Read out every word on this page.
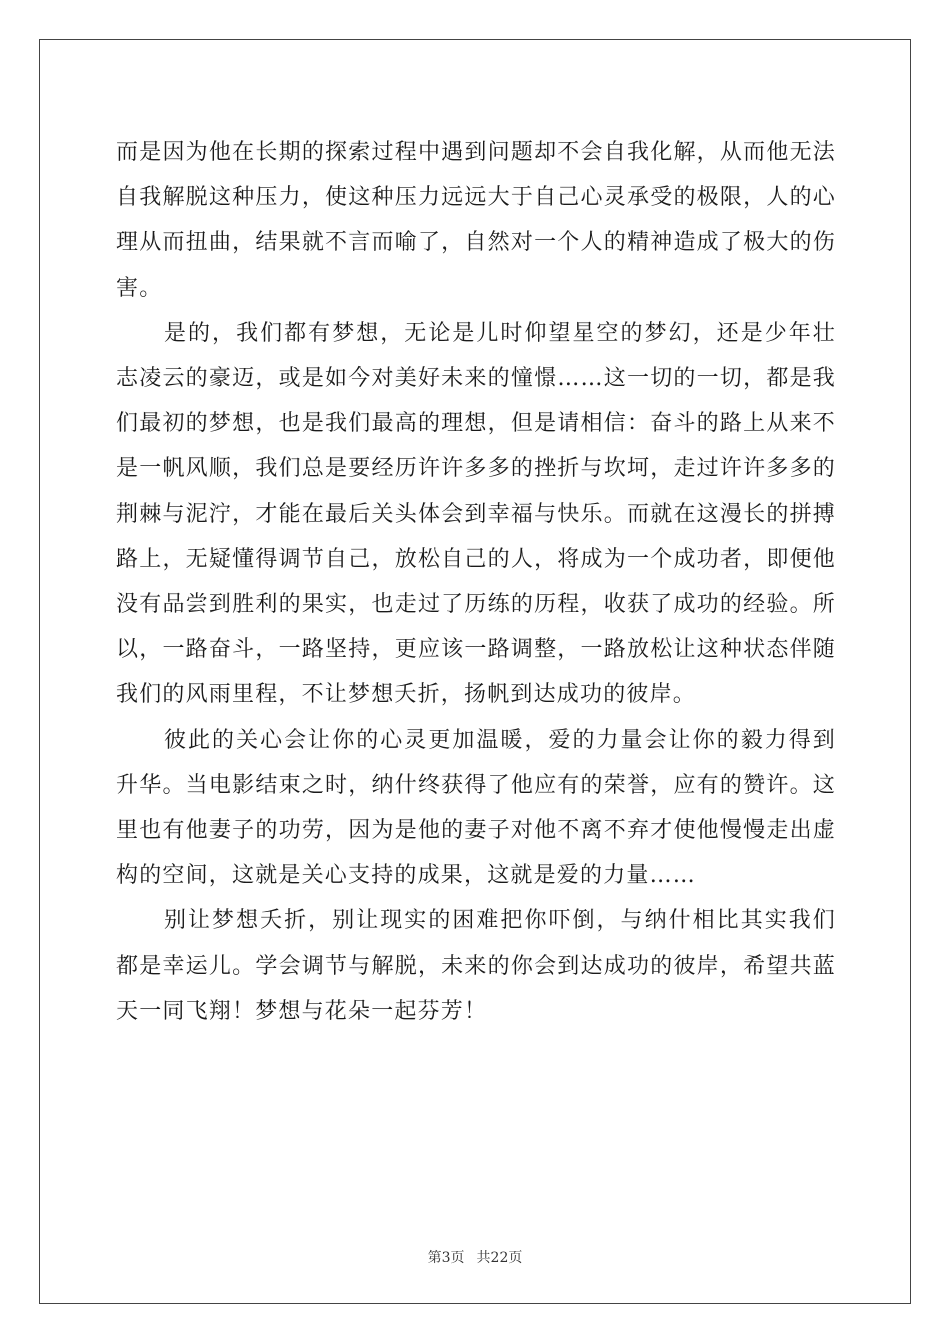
而是因为他在长期的探索过程中遇到问题却不会自我化解，从而他无法自我解脱这种压力，使这种压力远远大于自己心灵承受的极限，人的心理从而扭曲，结果就不言而喻了，自然对一个人的精神造成了极大的伤害。

是的，我们都有梦想，无论是儿时仰望星空的梦幻，还是少年壮志凌云的豪迈，或是如今对美好未来的憧憬……这一切的一切，都是我们最初的梦想，也是我们最高的理想，但是请相信：奋斗的路上从来不是一帆风顺，我们总是要经历许许多多的挫折与坎坷，走过许许多多的荆棘与泥泞，才能在最后关头体会到幸福与快乐。而就在这漫长的拼搏路上，无疑懂得调节自己，放松自己的人，将成为一个成功者，即便他没有品尝到胜利的果实，也走过了历练的历程，收获了成功的经验。所以，一路奋斗，一路坚持，更应该一路调整，一路放松让这种状态伴随我们的风雨里程，不让梦想夭折，扬帆到达成功的彼岸。

彼此的关心会让你的心灵更加温暖，爱的力量会让你的毅力得到升华。当电影结束之时，纳什终获得了他应有的荣誉，应有的赞许。这里也有他妻子的功劳，因为是他的妻子对他不离不弃才使他慢慢走出虚构的空间，这就是关心支持的成果，这就是爱的力量……

别让梦想夭折，别让现实的困难把你吓倒，与纳什相比其实我们都是幸运儿。学会调节与解脱，未来的你会到达成功的彼岸，希望共蓝天一同飞翔！梦想与花朵一起芬芳！

第3页 共22页
